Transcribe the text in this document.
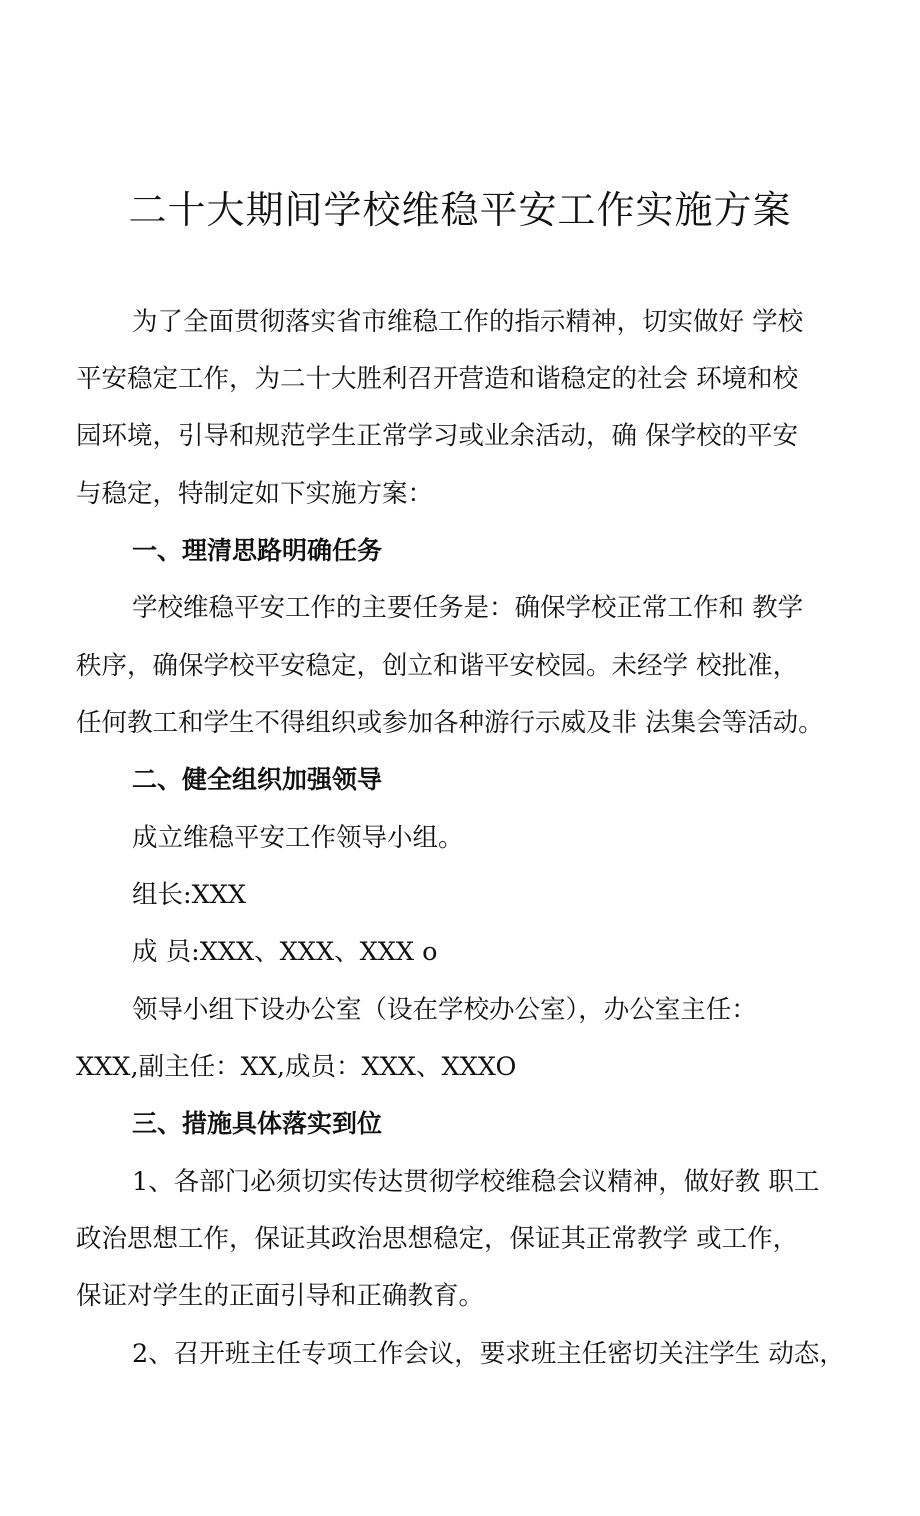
二十大期间学校维稳平安工作实施方案
为了全面贯彻落实省市维稳工作的指示精神，切实做好 学校
平安稳定工作，为二十大胜利召开营造和谐稳定的社会 环境和校
园环境，引导和规范学生正常学习或业余活动，确 保学校的平安
与稳定，特制定如下实施方案：
一、理清思路明确任务
学校维稳平安工作的主要任务是：确保学校正常工作和 教学
秩序，确保学校平安稳定，创立和谐平安校园。未经学 校批准，
任何教工和学生不得组织或参加各种游行示威及非 法集会等活动。
二、健全组织加强领导
成立维稳平安工作领导小组。
组长:XXX
成 员:XXX、XXX、XXX o
领导小组下设办公室（设在学校办公室），办公室主任：
XXX,副主任：XX,成员：XXX、XXXO
三、措施具体落实到位
1、各部门必须切实传达贯彻学校维稳会议精神，做好教 职工
政治思想工作，保证其政治思想稳定，保证其正常教学 或工作，
保证对学生的正面引导和正确教育。
2、召开班主任专项工作会议，要求班主任密切关注学生 动态，
